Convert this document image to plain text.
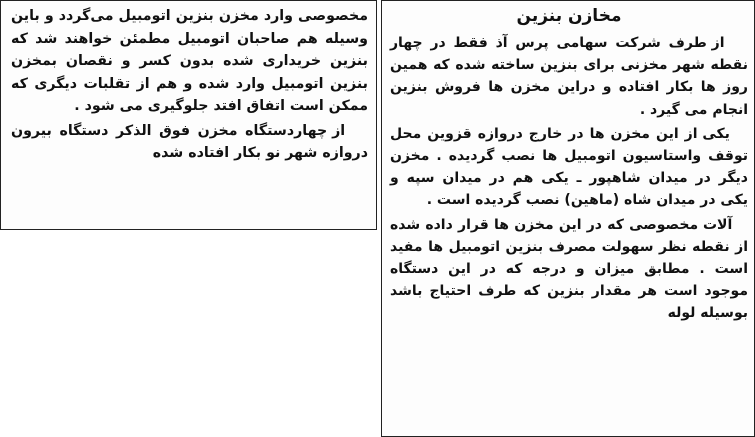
مخصوصی وارد مخزن بنزین اتومبیل می‌گردد و باین وسیله هم صاحبان اتومبیل مطمئن خواهند شد که بنزین خریداری شده بدون کسر و نقصان بمخزن بنزین اتومبیل وارد شده و هم از تقلبات دیگری که ممکن است اتفاق افتد جلوگیری می شود .

از چهاردستگاه مخزن فوق الذکر دستگاه بیرون دروازه شهر نو بکار افتاده شده

مخازن بنزین

از طرف شرکت سهامی پرس آذ فقط در چهار نقطه شهر مخزنی برای بنزین ساخته شده که همین روز ها بکار افتاده و دراین مخزن ها فروش بنزین انجام می گیرد .

یکی از این مخزن ها در خارج دروازه قزوین محل توقف واستاسیون اتومبیل ها نصب گردیده . مخزن دیگر در میدان شاهپور ـ یکی هم در میدان سپه و یکی در میدان شاه (ماهین) نصب گردیده است .

آلات مخصوصی که در این مخزن ها قرار داده شده از نقطه نظر سهولت مصرف بنزین اتومبیل ها مفید است . مطابق میزان و درجه که در این دستگاه موجود است هر مقدار بنزین که طرف احتیاج باشد بوسیله لوله
